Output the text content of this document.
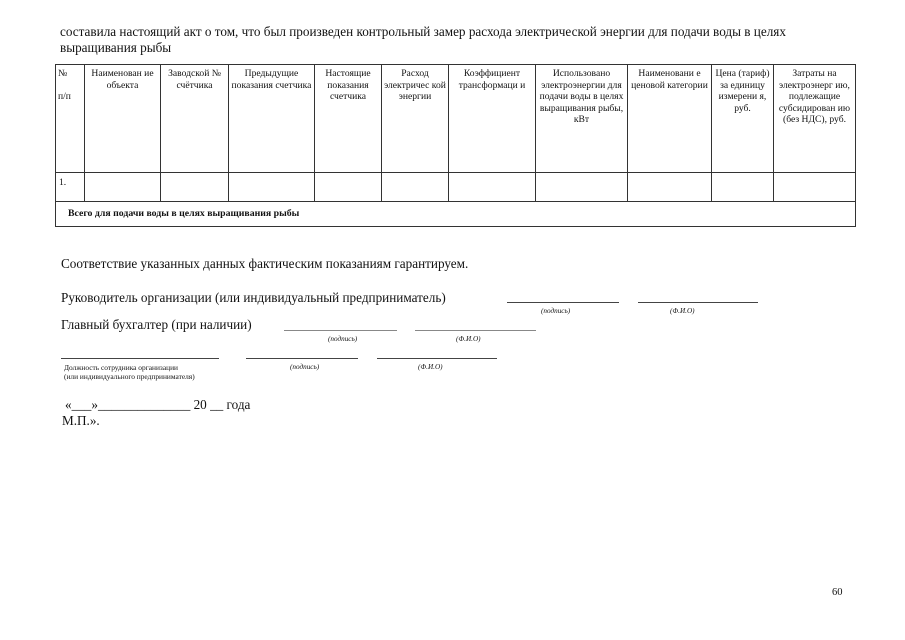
составила настоящий акт о том, что был произведен контрольный замер расхода электрической энергии для подачи воды в целях выращивания рыбы
№

п/п	Наименован ие объекта	Заводской № счётчика	Предыдущие показания счетчика	Настоящие показания счетчика	Расход электричес кой энергии	Коэффициент трансформаци и	Использовано электроэнергии для подачи воды в целях выращивания рыбы, кВт	Наименовани е ценовой категории	Цена (тариф) за единицу измерени я, руб.	Затраты на электроэнерг ию, подлежащие субсидирован ию (без НДС), руб.
1.										
Всего для подачи воды в целях выращивания рыбы										
Соответствие указанных данных фактическим показаниям гарантируем.
Руководитель организации (или индивидуальный предприниматель)
(подпись)	(Ф.И.О)
Главный бухгалтер (при наличии)
(подпись)	(Ф.И.О)
Должность сотрудника организации
(или индивидуального предпринимателя)
(подпись)	(Ф.И.О)
«___»______________ 20 __ года
М.П.».
60
